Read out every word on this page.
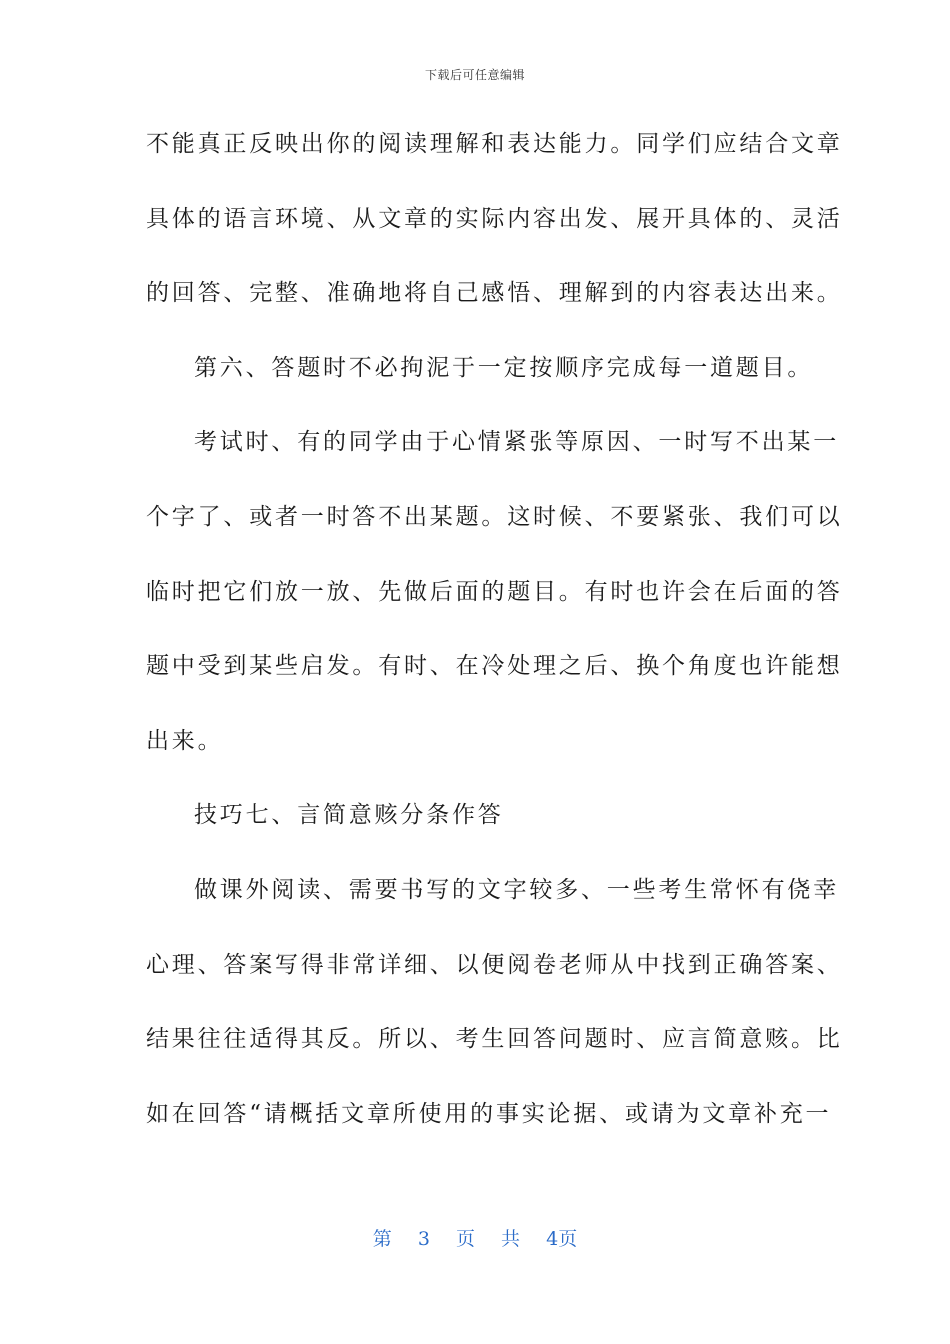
下载后可任意编辑
不能真正反映出你的阅读理解和表达能力。同学们应结合文章
具体的语言环境、从文章的实际内容出发、展开具体的、灵活
的回答、完整、准确地将自己感悟、理解到的内容表达出来。
第六、答题时不必拘泥于一定按顺序完成每一道题目。
考试时、有的同学由于心情紧张等原因、一时写不出某一
个字了、或者一时答不出某题。这时候、不要紧张、我们可以
临时把它们放一放、先做后面的题目。有时也许会在后面的答
题中受到某些启发。有时、在冷处理之后、换个角度也许能想
出来。
技巧七、言简意赅分条作答
做课外阅读、需要书写的文字较多、一些考生常怀有侥幸
心理、答案写得非常详细、以便阅卷老师从中找到正确答案、
结果往往适得其反。所以、考生回答问题时、应言简意赅。比
如在回答“请概括文章所使用的事实论据、或请为文章补充一
第 3 页 共 4页
